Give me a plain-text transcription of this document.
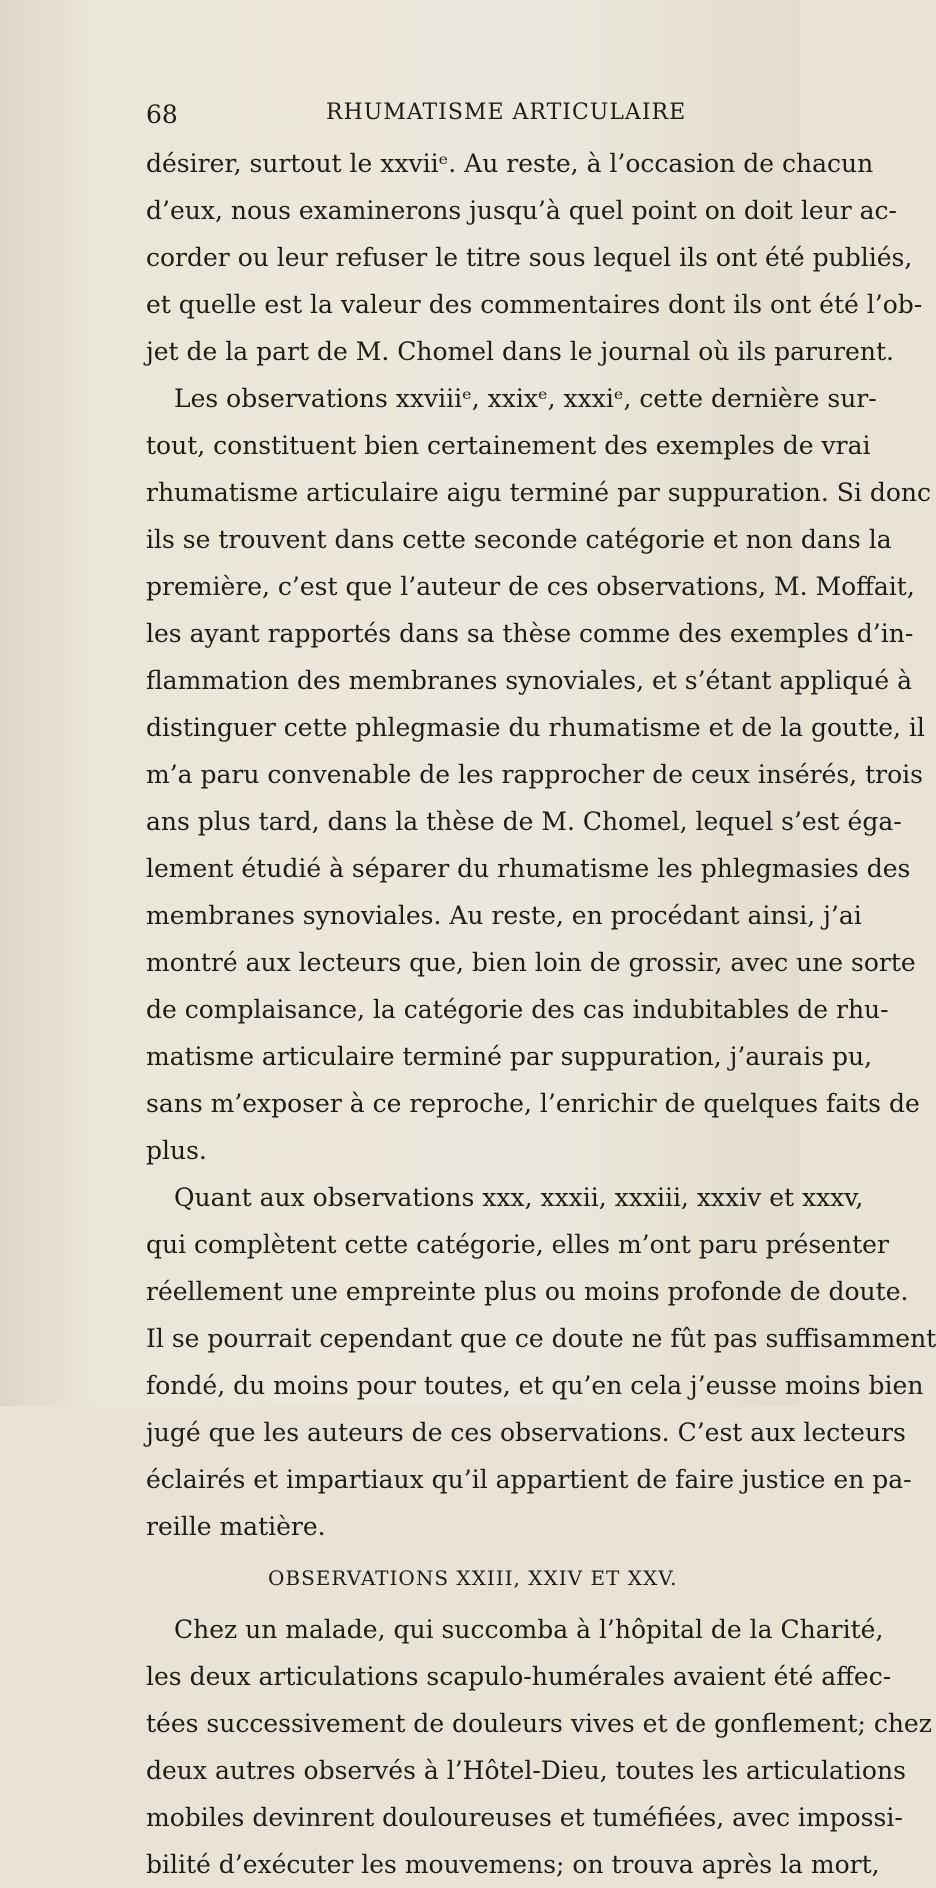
68	RHUMATISME ARTICULAIRE
désirer, surtout le xxviiᵉ. Au reste, à l’occasion de chacun
d’eux, nous examinerons jusqu’à quel point on doit leur ac-
corder ou leur refuser le titre sous lequel ils ont été publiés,
et quelle est la valeur des commentaires dont ils ont été l’ob-
jet de la part de M. Chomel dans le journal où ils parurent.
Les observations xxviiiᵉ, xxixᵉ, xxxiᵉ, cette dernière sur-
tout, constituent bien certainement des exemples de vrai
rhumatisme articulaire aigu terminé par suppuration. Si donc
ils se trouvent dans cette seconde catégorie et non dans la
première, c’est que l’auteur de ces observations, M. Moffait,
les ayant rapportés dans sa thèse comme des exemples d’in-
flammation des membranes synoviales, et s’étant appliqué à
distinguer cette phlegmasie du rhumatisme et de la goutte, il
m’a paru convenable de les rapprocher de ceux insérés, trois
ans plus tard, dans la thèse de M. Chomel, lequel s’est éga-
lement étudié à séparer du rhumatisme les phlegmasies des
membranes synoviales. Au reste, en procédant ainsi, j’ai
montré aux lecteurs que, bien loin de grossir, avec une sorte
de complaisance, la catégorie des cas indubitables de rhu-
matisme articulaire terminé par suppuration, j’aurais pu,
sans m’exposer à ce reproche, l’enrichir de quelques faits de
plus.
Quant aux observations xxx, xxxii, xxxiii, xxxiv et xxxv,
qui complètent cette catégorie, elles m’ont paru présenter
réellement une empreinte plus ou moins profonde de doute.
Il se pourrait cependant que ce doute ne fût pas suffisamment
fondé, du moins pour toutes, et qu’en cela j’eusse moins bien
jugé que les auteurs de ces observations. C’est aux lecteurs
éclairés et impartiaux qu’il appartient de faire justice en pa-
reille matière.
OBSERVATIONS XXIII, XXIV ET XXV.
Chez un malade, qui succomba à l’hôpital de la Charité,
les deux articulations scapulo-humérales avaient été affec-
tées successivement de douleurs vives et de gonflement; chez
deux autres observés à l’Hôtel-Dieu, toutes les articulations
mobiles devinrent douloureuses et tuméfiées, avec impossi-
bilité d’exécuter les mouvemens; on trouva après la mort,
